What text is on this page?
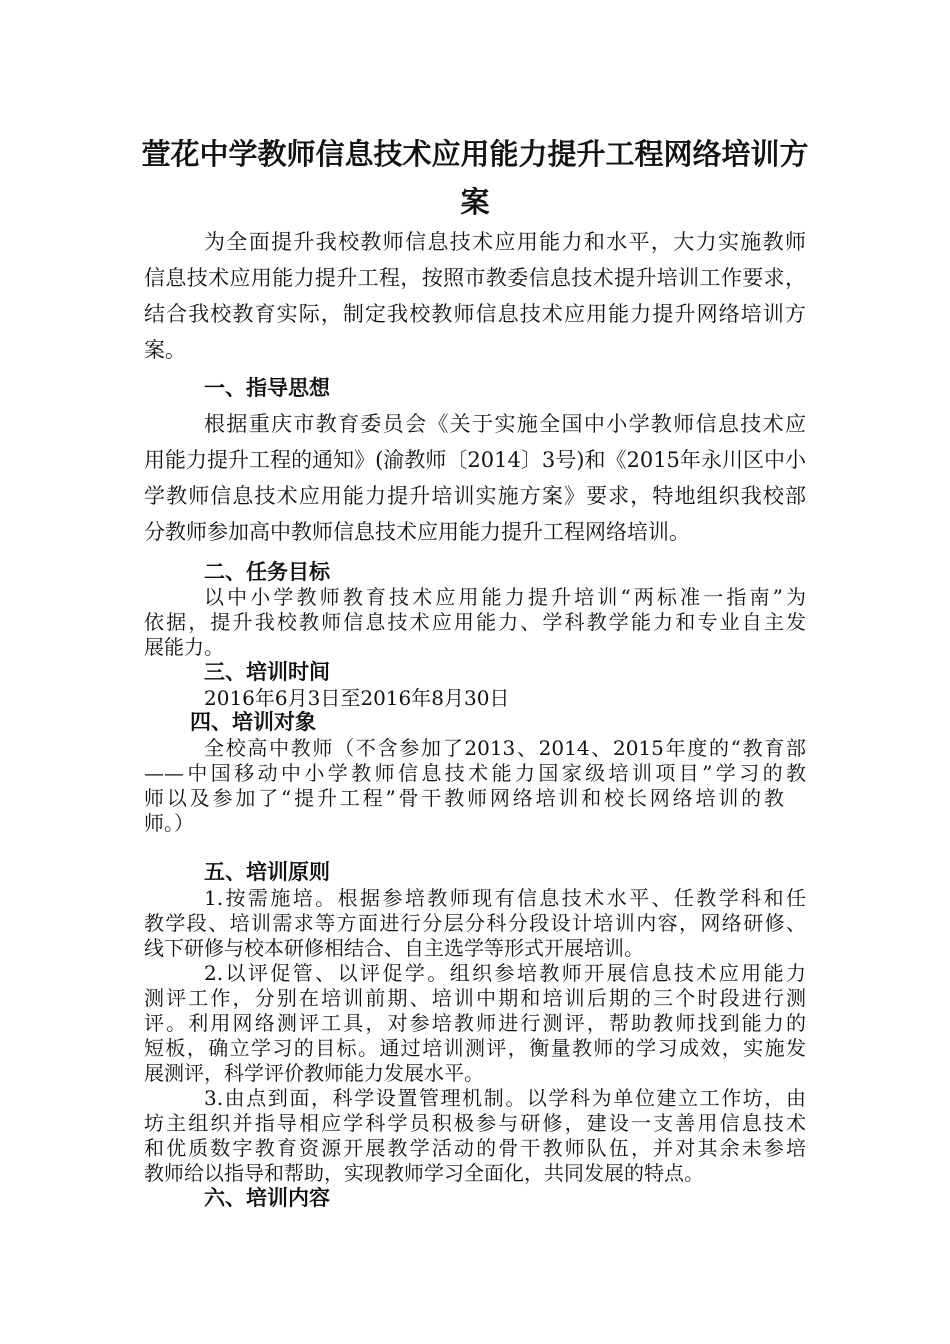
萱花中学教师信息技术应用能力提升工程网络培训方
案

为全面提升我校教师信息技术应用能力和水平，大力实施教师

信息技术应用能力提升工程，按照市教委信息技术提升培训工作要求，

结合我校教育实际，制定我校教师信息技术应用能力提升网络培训方

案。

一、指导思想

根据重庆市教育委员会《关于实施全国中小学教师信息技术应

用能力提升工程的通知》(渝教师〔2014〕3号)和《2015年永川区中小

学教师信息技术应用能力提升培训实施方案》要求，特地组织我校部

分教师参加高中教师信息技术应用能力提升工程网络培训。

二、任务目标

以中小学教师教育技术应用能力提升培训“两标准一指南”为

依据，提升我校教师信息技术应用能力、学科教学能力和专业自主发

展能力。

三、培训时间

2016年6月3日至2016年8月30日

四、培训对象

全校高中教师（不含参加了2013、2014、2015年度的“教育部

——中国移动中小学教师信息技术能力国家级培训项目”学习的教

师以及参加了“提升工程”骨干教师网络培训和校长网络培训的教

师。）

五、培训原则

1.按需施培。根据参培教师现有信息技术水平、任教学科和任

教学段、培训需求等方面进行分层分科分段设计培训内容，网络研修、

线下研修与校本研修相结合、自主选学等形式开展培训。

2.以评促管、以评促学。组织参培教师开展信息技术应用能力

测评工作，分别在培训前期、培训中期和培训后期的三个时段进行测

评。利用网络测评工具，对参培教师进行测评，帮助教师找到能力的

短板，确立学习的目标。通过培训测评，衡量教师的学习成效，实施发

展测评，科学评价教师能力发展水平。

3.由点到面，科学设置管理机制。以学科为单位建立工作坊，由

坊主组织并指导相应学科学员积极参与研修，建设一支善用信息技术

和优质数字教育资源开展教学活动的骨干教师队伍，并对其余未参培

教师给以指导和帮助，实现教师学习全面化，共同发展的特点。

六、培训内容
